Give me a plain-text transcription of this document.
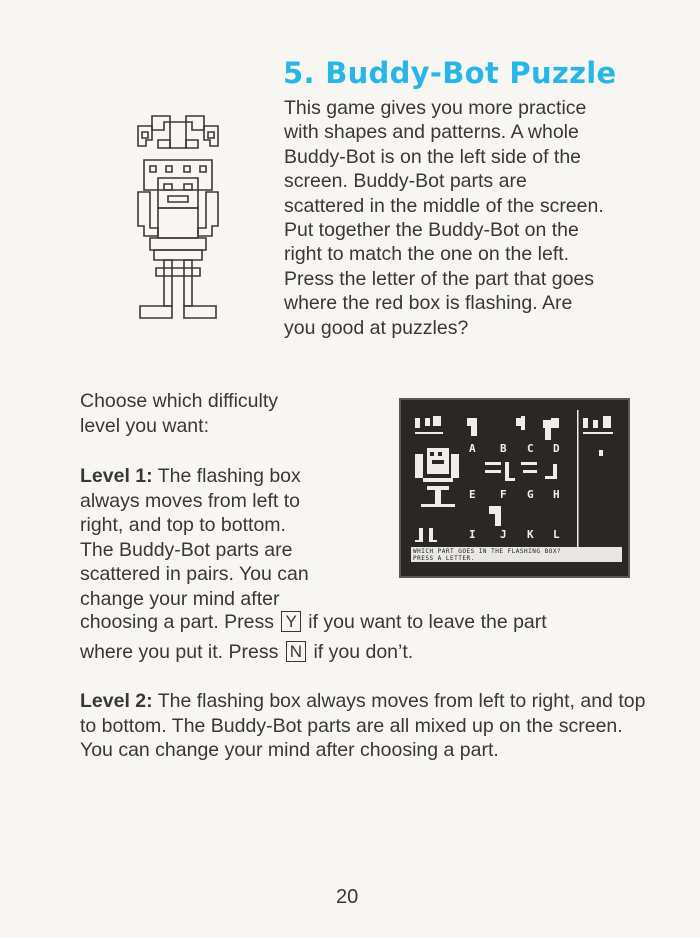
5. Buddy-Bot Puzzle
This game gives you more practice
with shapes and patterns. A whole
Buddy-Bot is on the left side of the
screen. Buddy-Bot parts are
scattered in the middle of the screen.
Put together the Buddy-Bot on the
right to match the one on the left.
Press the letter of the part that goes
where the red box is flashing. Are
you good at puzzles?
Choose which difficulty
level you want:
Level 1: The flashing box
always moves from left to
right, and top to bottom.
The Buddy-Bot parts are
scattered in pairs. You can
change your mind after
choosing a part. Press Y if you want to leave the part
where you put it. Press N if you don’t.
Level 2: The flashing box always moves from left to right, and top to bottom. The Buddy-Bot parts are all mixed up on the screen. You can change your mind after choosing a part.
A B C D
E F G H
I J K L
WHICH PART GOES IN THE FLASHING BOX?
PRESS A LETTER.
20
